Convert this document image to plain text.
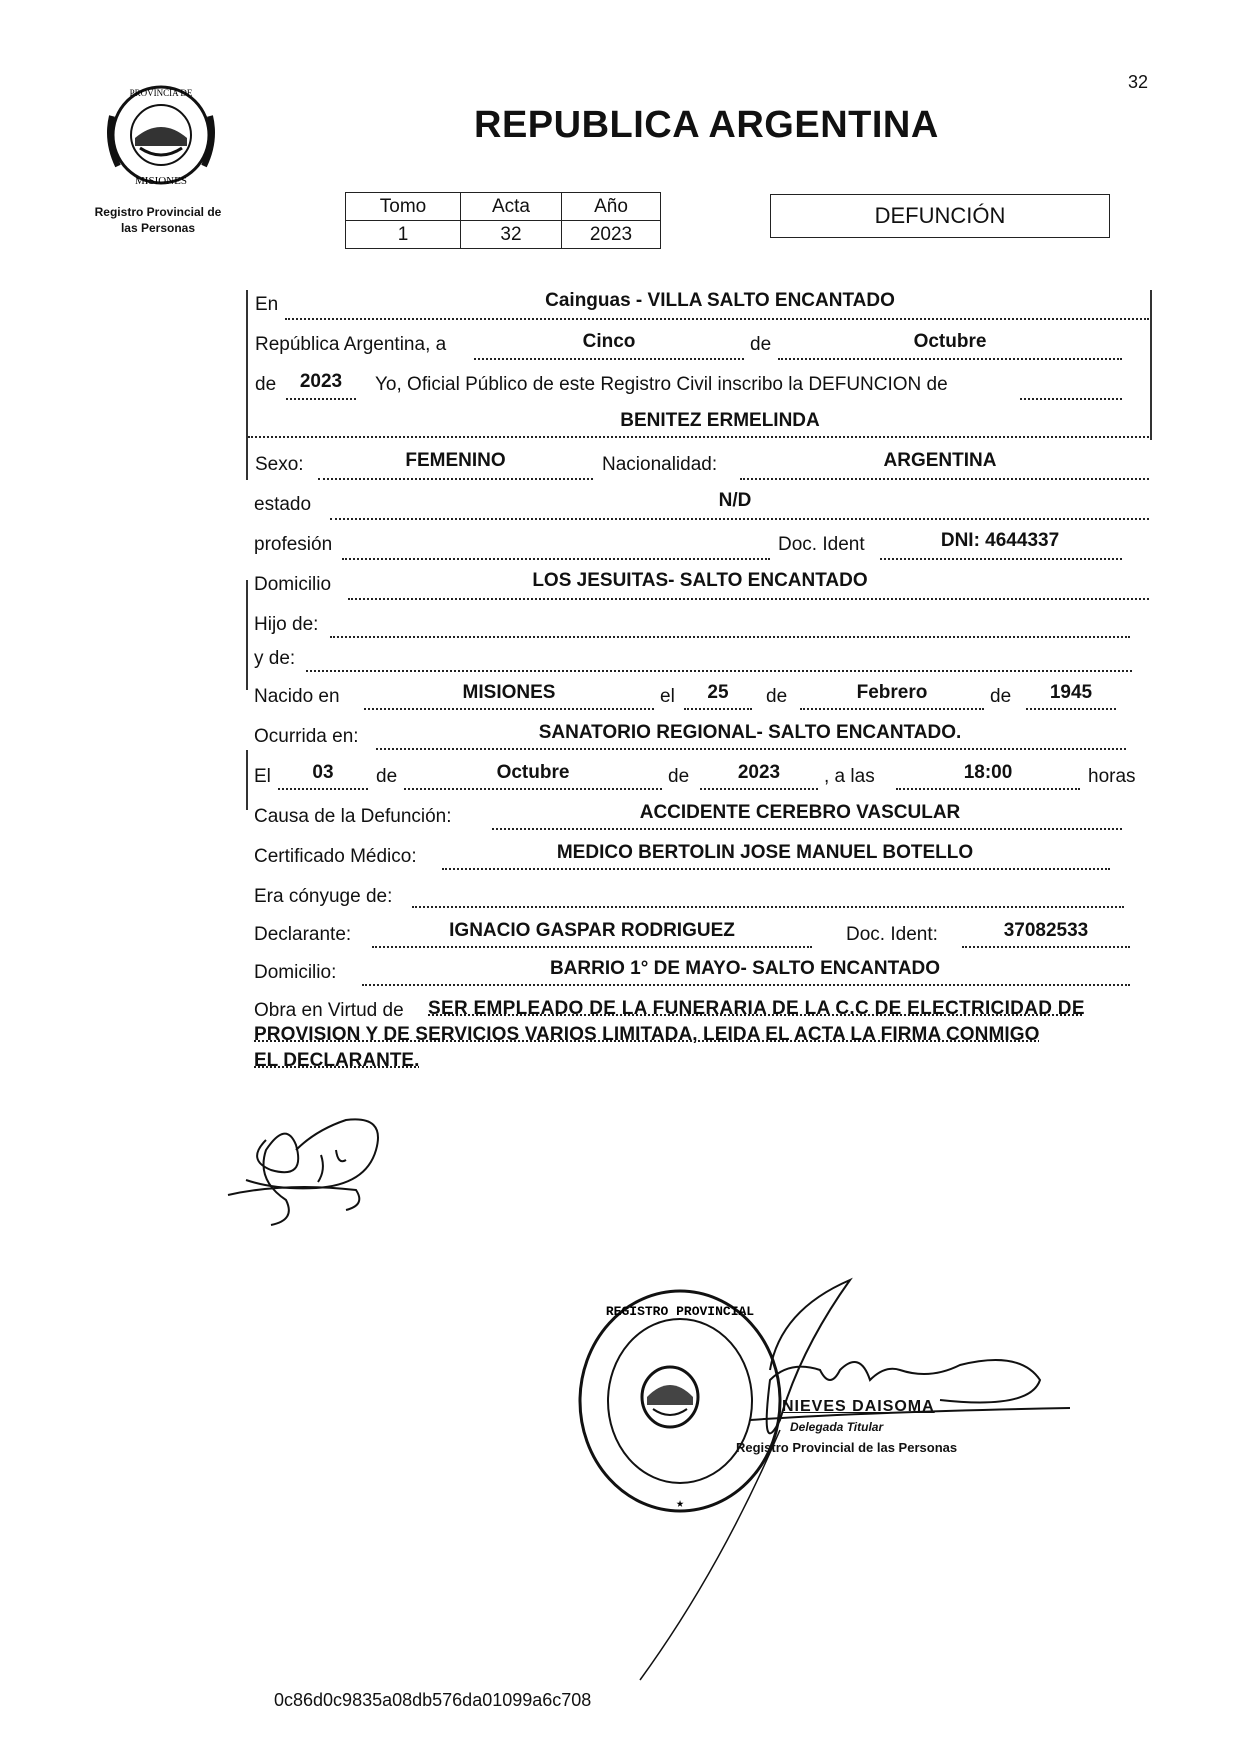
32
PROVINCIA DE
MISIONES
Registro Provincial de
las Personas
REPUBLICA ARGENTINA
Tomo	Acta	Año
1	32	2023
DEFUNCIÓN
En	Cainguas - VILLA SALTO ENCANTADO
República Argentina, a	Cinco	de	Octubre
de	2023	Yo, Oficial Público de este Registro Civil inscribo la DEFUNCION de
BENITEZ ERMELINDA
Sexo:	FEMENINO	Nacionalidad:	ARGENTINA
estado	N/D
profesión	Doc. Ident	DNI: 4644337
Domicilio	LOS JESUITAS- SALTO ENCANTADO
Hijo de:
y de:
Nacido en	MISIONES	el	25	de	Febrero	de	1945
Ocurrida en:	SANATORIO REGIONAL- SALTO ENCANTADO.
El	03	de	Octubre	de	2023	, a las	18:00	horas
Causa de la Defunción:	ACCIDENTE CEREBRO VASCULAR
Certificado Médico:	MEDICO BERTOLIN JOSE MANUEL BOTELLO
Era cónyuge de:
Declarante:	IGNACIO GASPAR RODRIGUEZ	Doc. Ident:	37082533
Domicilio:	BARRIO 1° DE MAYO- SALTO ENCANTADO
Obra en Virtud de SER EMPLEADO DE LA FUNERARIA DE LA C.C DE ELECTRICIDAD DE
PROVISION Y DE SERVICIOS VARIOS LIMITADA, LEIDA EL ACTA LA FIRMA CONMIGO
EL DECLARANTE.
REGISTRO PROVINCIAL
★
NIEVES DAISOMA
Delegada Titular
Registro Provincial de las Personas
0c86d0c9835a08db576da01099a6c708
